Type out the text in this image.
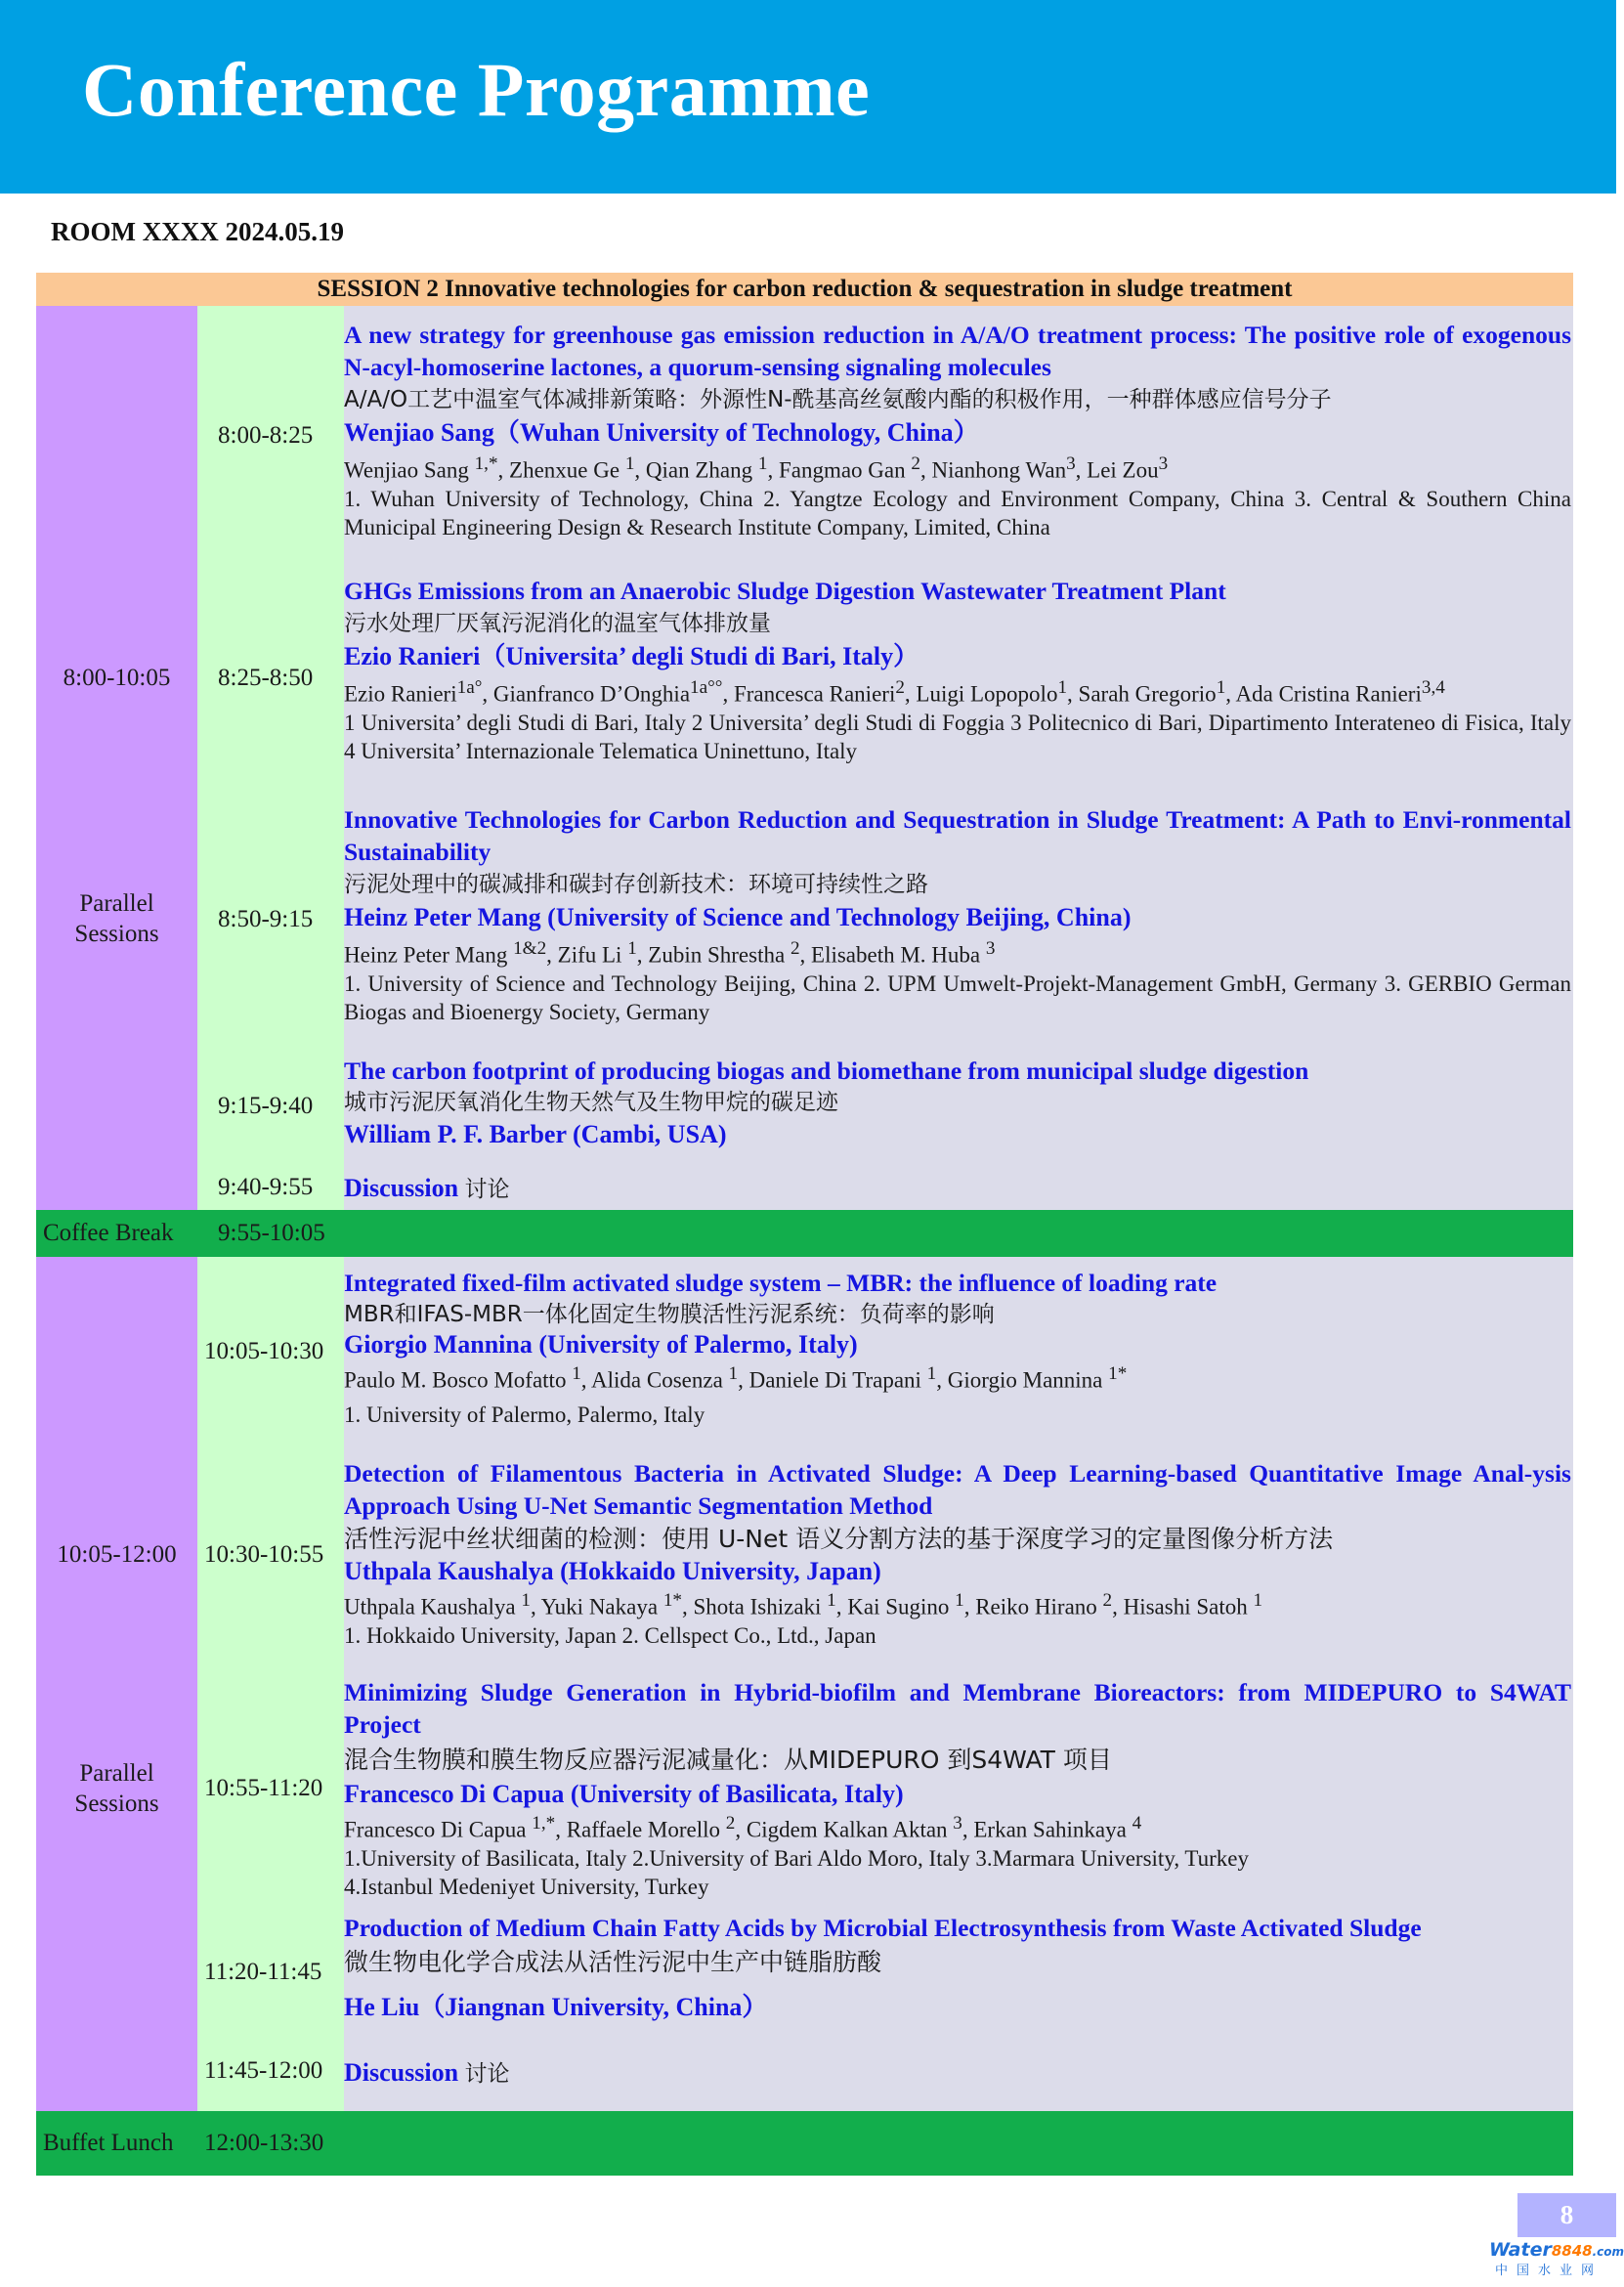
Conference Programme
ROOM XXXX 2024.05.19
SESSION 2 Innovative technologies for carbon reduction & sequestration in sludge treatment
Coffee Break 9:55-10:05
Buffet Lunch 12:00-13:30
8:00-10:05
Parallel Sessions
10:05-12:00
Parallel Sessions
8:00-8:25
8:25-8:50
8:50-9:15
9:15-9:40
9:40-9:55
10:05-10:30
10:30-10:55
10:55-11:20
11:20-11:45
11:45-12:00

A new strategy for greenhouse gas emission reduction in A/A/O treatment process: The positive role of exogenous N-acyl-homoserine lactones, a quorum-sensing signaling molecules

A/A/O工艺中温室气体减排新策略：外源性N-酰基高丝氨酸内酯的积极作用，一种群体感应信号分子

Wenjiao Sang（Wuhan University of Technology, China）

Wenjiao Sang $^{1,*}$, Zhenxue Ge $^1$, Qian Zhang $^1$, Fangmao Gan $^2$, Nianhong Wan$^3$, Lei Zou$^3$

1. Wuhan University of Technology, China 2. Yangtze Ecology and Environment Company, China 3. Central & Southern China Municipal Engineering Design & Research Institute Company, Limited, China

GHGs Emissions from an Anaerobic Sludge Digestion Wastewater Treatment Plant

污水处理厂厌氧污泥消化的温室气体排放量

Ezio Ranieri（Universita’ degli Studi di Bari, Italy）

Ezio Ranieri$^{1a^\circ}$, Gianfranco D’Onghia$^{1a^\circ^\circ}$, Francesca Ranieri$^2$, Luigi Lopopolo$^1$, Sarah Gregorio$^1$, Ada Cristina Ranieri$^{3,4}$

1 Universita’ degli Studi di Bari, Italy 2 Universita’ degli Studi di Foggia 3 Politecnico di Bari, Dipartimento Interateneo di Fisica, Italy 4 Universita’ Internazionale Telematica Uninettuno, Italy

Innovative Technologies for Carbon Reduction and Sequestration in Sludge Treatment: A Path to Envi-ronmental Sustainability

污泥处理中的碳减排和碳封存创新技术：环境可持续性之路

Heinz Peter Mang (University of Science and Technology Beijing, China)

Heinz Peter Mang $^{1\&2}$, Zifu Li $^1$, Zubin Shrestha $^2$, Elisabeth M. Huba $^3$

1. University of Science and Technology Beijing, China 2. UPM Umwelt-Projekt-Management GmbH, Germany 3. GERBIO German Biogas and Bioenergy Society, Germany

The carbon footprint of producing biogas and biomethane from municipal sludge digestion

城市污泥厌氧消化生物天然气及生物甲烷的碳足迹

William P. F. Barber (Cambi, USA)

Discussion 讨论

Integrated fixed-film activated sludge system – MBR: the influence of loading rate

MBR和IFAS-MBR一体化固定生物膜活性污泥系统：负荷率的影响

Giorgio Mannina (University of Palermo, Italy)

Paulo M. Bosco Mofatto $^1$, Alida Cosenza $^1$, Daniele Di Trapani $^1$, Giorgio Mannina $^{1*}$

1. University of Palermo, Palermo, Italy

Detection of Filamentous Bacteria in Activated Sludge: A Deep Learning-based Quantitative Image Anal-ysis Approach Using U-Net Semantic Segmentation Method

活性污泥中丝状细菌的检测：使用 U-Net 语义分割方法的基于深度学习的定量图像分析方法

Uthpala Kaushalya (Hokkaido University, Japan)

Uthpala Kaushalya $^1$, Yuki Nakaya $^{1*}$, Shota Ishizaki $^1$, Kai Sugino $^1$, Reiko Hirano $^2$, Hisashi Satoh $^1$

1. Hokkaido University, Japan 2. Cellspect Co., Ltd., Japan

Minimizing Sludge Generation in Hybrid-biofilm and Membrane Bioreactors: from MIDEPURO to S4WAT Project

混合生物膜和膜生物反应器污泥减量化：从MIDEPURO 到S4WAT 项目

Francesco Di Capua (University of Basilicata, Italy)

Francesco Di Capua $^{1,*}$, Raffaele Morello $^2$, Cigdem Kalkan Aktan $^3$, Erkan Sahinkaya $^4$

1.University of Basilicata, Italy 2.University of Bari Aldo Moro, Italy 3.Marmara University, Turkey

4.Istanbul Medeniyet University, Turkey

Production of Medium Chain Fatty Acids by Microbial Electrosynthesis from Waste Activated Sludge

微生物电化学合成法从活性污泥中生产中链脂肪酸

He Liu（Jiangnan University, China）

Discussion 讨论

8
Water8848.com
中国水业网
